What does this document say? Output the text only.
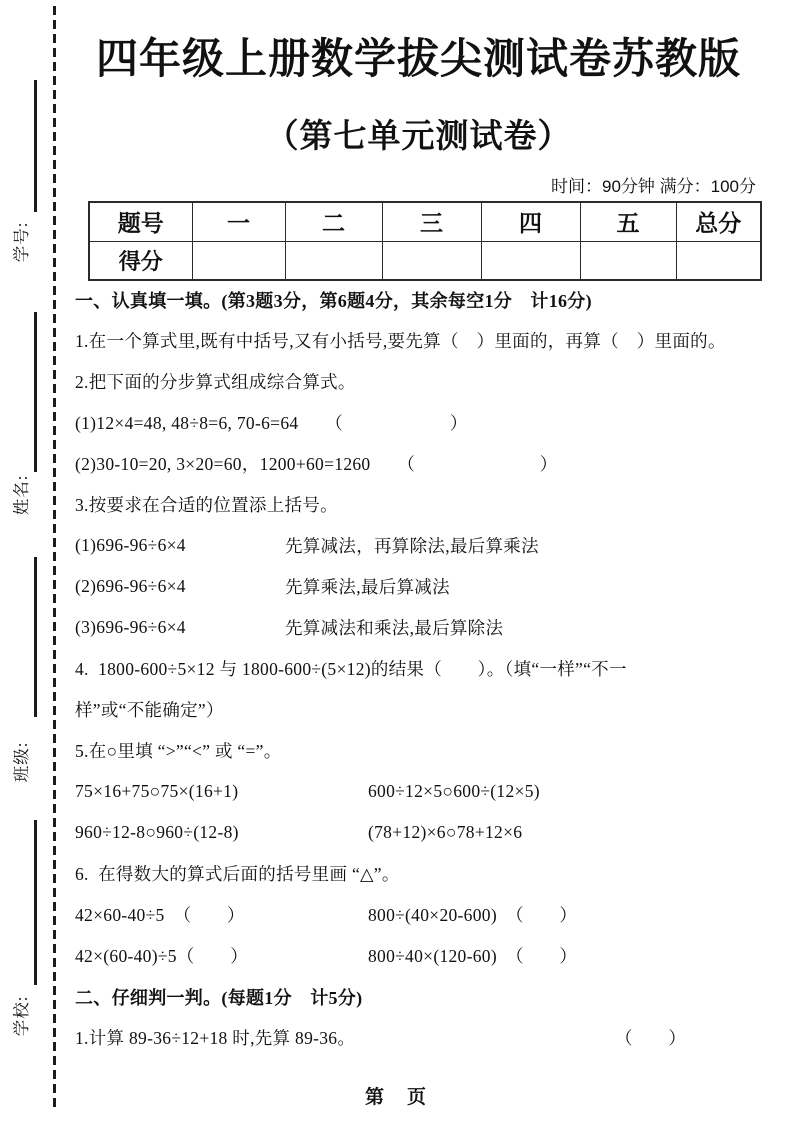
学号:
姓名:
班级:
学校:
四年级上册数学拔尖测试卷苏教版
（第七单元测试卷）
时间：90分钟 满分：100分
题号	一	二	三	四	五	总分
得分						
一、认真填一填。(第3题3分，第6题4分，其余每空1分　计16分)
1.在一个算式里,既有中括号,又有小括号,要先算（　）里面的，再算（　）里面的。
2.把下面的分步算式组成综合算式。
(1)12×4=48, 48÷8=6, 70-6=64　　（　　　　　　）
(2)30-10=20, 3×20=60，1200+60=1260　　（　　　　　　　）
3.按要求在合适的位置添上括号。
(1)696-96÷6×4	先算减法，再算除法,最后算乘法
(2)696-96÷6×4	先算乘法,最后算减法
(3)696-96÷6×4	先算减法和乘法,最后算除法
4.  1800-600÷5×12 与 1800-600÷(5×12)的结果（　　）。（填“一样”“不一
样”或“不能确定”）
5.在○里填 “>”“<” 或 “=”。
75×16+75○75×(16+1)	600÷12×5○600÷(12×5)
960÷12-8○960÷(12-8)	(78+12)×6○78+12×6
6.  在得数大的算式后面的括号里画 “△”。
42×60-40÷5　（　　）	800÷(40×20-600)　（　　）
42×(60-40)÷5（　　）	800÷40×(120-60)　（　　）
二、仔细判一判。(每题1分　计5分)
1.计算 89-36÷12+18 时,先算 89-36。	（　　）
第　页
